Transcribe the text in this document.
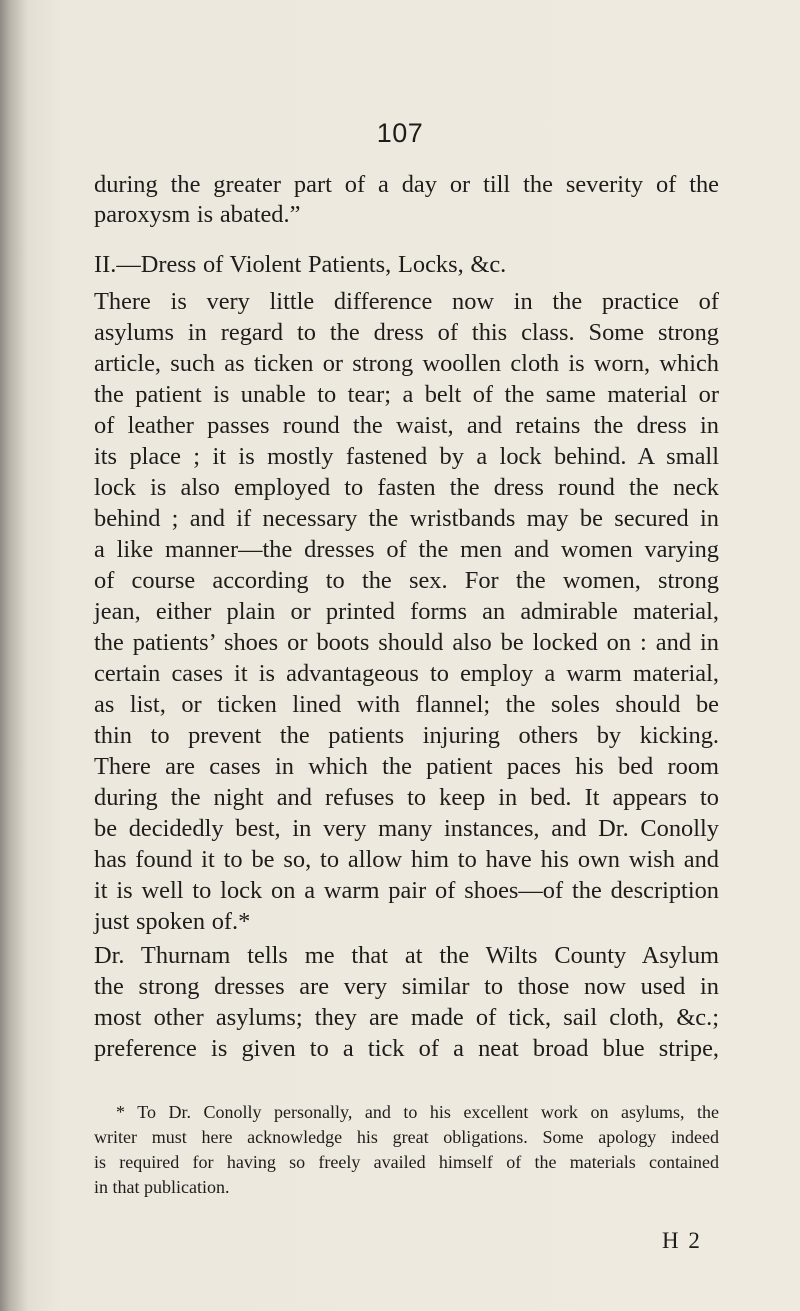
107

during the greater part of a day or till the severity of the

paroxysm is abated.”

II.—Dress of Violent Patients, Locks, &c.

There is very little difference now in the practice of

asylums in regard to the dress of this class. Some strong

article, such as ticken or strong woollen cloth is worn, which

the patient is unable to tear; a belt of the same material or

of leather passes round the waist, and retains the dress in

its place ; it is mostly fastened by a lock behind. A small

lock is also employed to fasten the dress round the neck

behind ; and if necessary the wristbands may be secured in

a like manner—the dresses of the men and women varying

of course according to the sex. For the women, strong

jean, either plain or printed forms an admirable material,

the patients’ shoes or boots should also be locked on : and in

certain cases it is advantageous to employ a warm material,

as list, or ticken lined with flannel; the soles should be

thin to prevent the patients injuring others by kicking.

There are cases in which the patient paces his bed room

during the night and refuses to keep in bed. It appears to

be decidedly best, in very many instances, and Dr. Conolly

has found it to be so, to allow him to have his own wish and

it is well to lock on a warm pair of shoes—of the description

just spoken of.*

Dr. Thurnam tells me that at the Wilts County Asylum

the strong dresses are very similar to those now used in

most other asylums; they are made of tick, sail cloth, &c.;

preference is given to a tick of a neat broad blue stripe,

* To Dr. Conolly personally, and to his excellent work on asylums, the

writer must here acknowledge his great obligations. Some apology indeed

is required for having so freely availed himself of the materials contained

in that publication.

H 2
